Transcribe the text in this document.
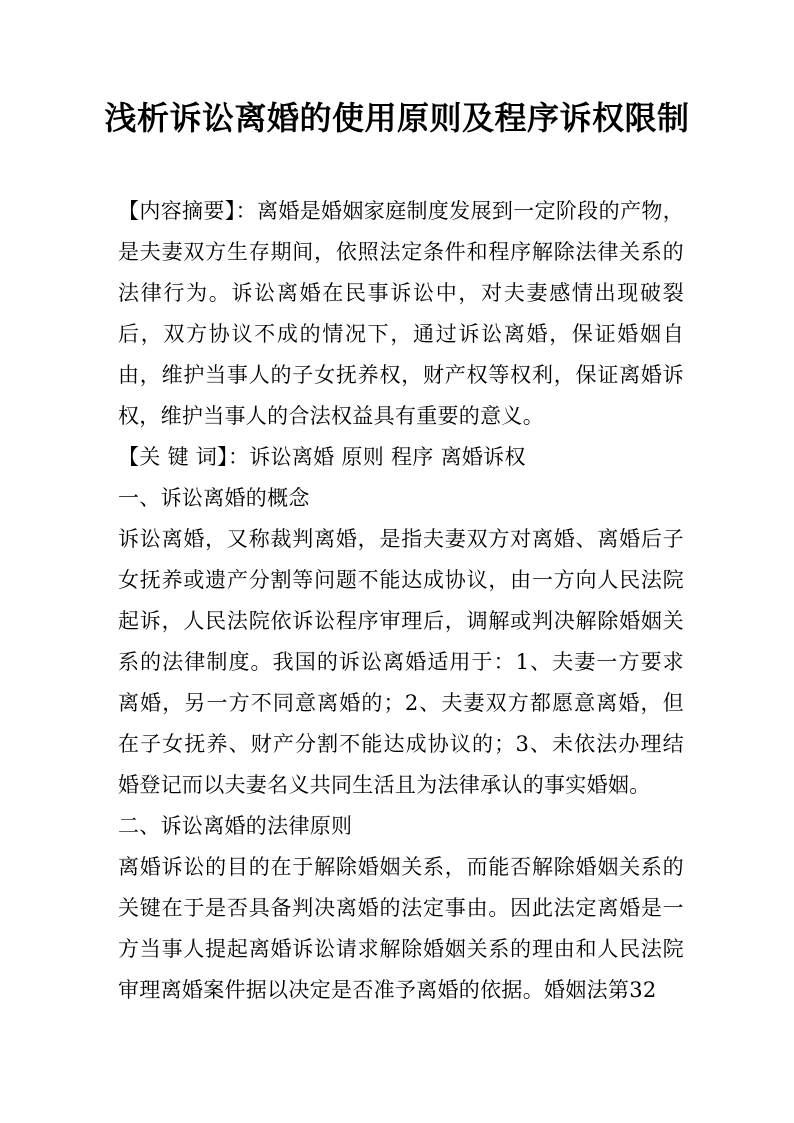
浅析诉讼离婚的使用原则及程序诉权限制

【内容摘要】：离婚是婚姻家庭制度发展到一定阶段的产物，是夫妻双方生存期间，依照法定条件和程序解除法律关系的法律行为。诉讼离婚在民事诉讼中，对夫妻感情出现破裂后，双方协议不成的情况下，通过诉讼离婚，保证婚姻自由，维护当事人的子女抚养权，财产权等权利，保证离婚诉权，维护当事人的合法权益具有重要的意义。

【关 键 词】：诉讼离婚 原则 程序 离婚诉权

一、诉讼离婚的概念

诉讼离婚，又称裁判离婚，是指夫妻双方对离婚、离婚后子女抚养或遗产分割等问题不能达成协议，由一方向人民法院起诉，人民法院依诉讼程序审理后，调解或判决解除婚姻关系的法律制度。我国的诉讼离婚适用于：1、夫妻一方要求离婚，另一方不同意离婚的；2、夫妻双方都愿意离婚，但在子女抚养、财产分割不能达成协议的；3、未依法办理结婚登记而以夫妻名义共同生活且为法律承认的事实婚姻。

二、诉讼离婚的法律原则

离婚诉讼的目的在于解除婚姻关系，而能否解除婚姻关系的关键在于是否具备判决离婚的法定事由。因此法定离婚是一方当事人提起离婚诉讼请求解除婚姻关系的理由和人民法院审理离婚案件据以决定是否准予离婚的依据。婚姻法第32
